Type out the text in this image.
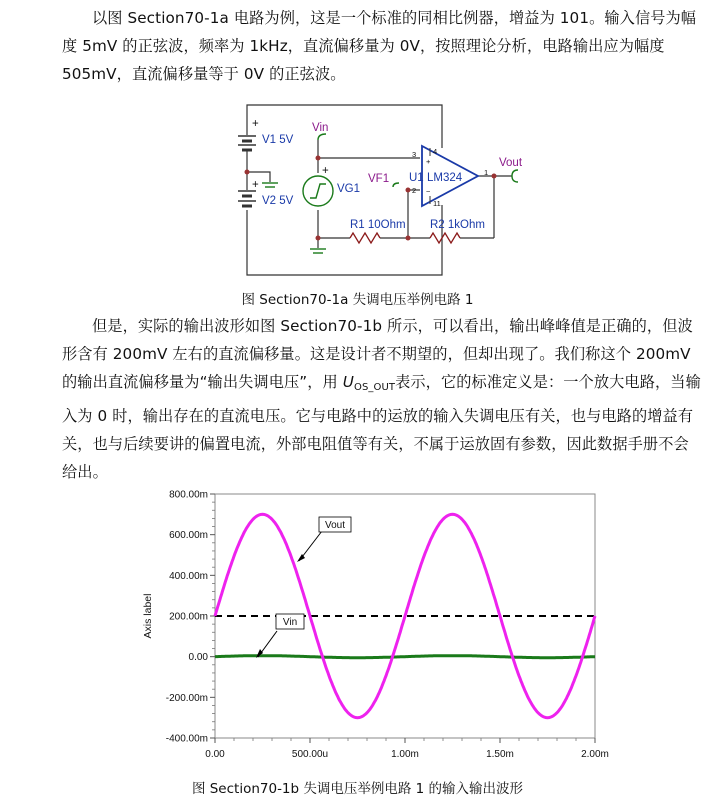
以图 Section70-1a 电路为例，这是一个标准的同相比例器，增益为 101。输入信号为幅度 5mV 的正弦波，频率为 1kHz，直流偏移量为 0V，按照理论分析，电路输出应为幅度 505mV，直流偏移量等于 0V 的正弦波。

+
V1 5V
+
V2 5V
VG1
+
Vin
VF1 U1 LM324
Vout
R1 10Ohm R2 1kOhm
3
2
1
4
11
+
−
图 Section70-1a 失调电压举例电路 1

但是，实际的输出波形如图 Section70-1b 所示，可以看出，输出峰峰值是正确的，但波形含有 200mV 左右的直流偏移量。这是设计者不期望的，但却出现了。我们称这个 200mV 的输出直流偏移量为“输出失调电压”，用 $U_{OS\_OUT}$表示，它的标准定义是：一个放大电路，当输入为 0 时，输出存在的直流电压。它与电路中的运放的输入失调电压有关，也与电路的增益有关，也与后续要讲的偏置电流，外部电阻值等有关，不属于运放固有参数，因此数据手册不会给出。

800.00m
600.00m
400.00m
200.00m
0.00
-200.00m
-400.00m
0.00	500.00u	1.00m	1.50m	2.00m
Axis label
Vout
Vin
图 Section70-1b 失调电压举例电路 1 的输入输出波形
